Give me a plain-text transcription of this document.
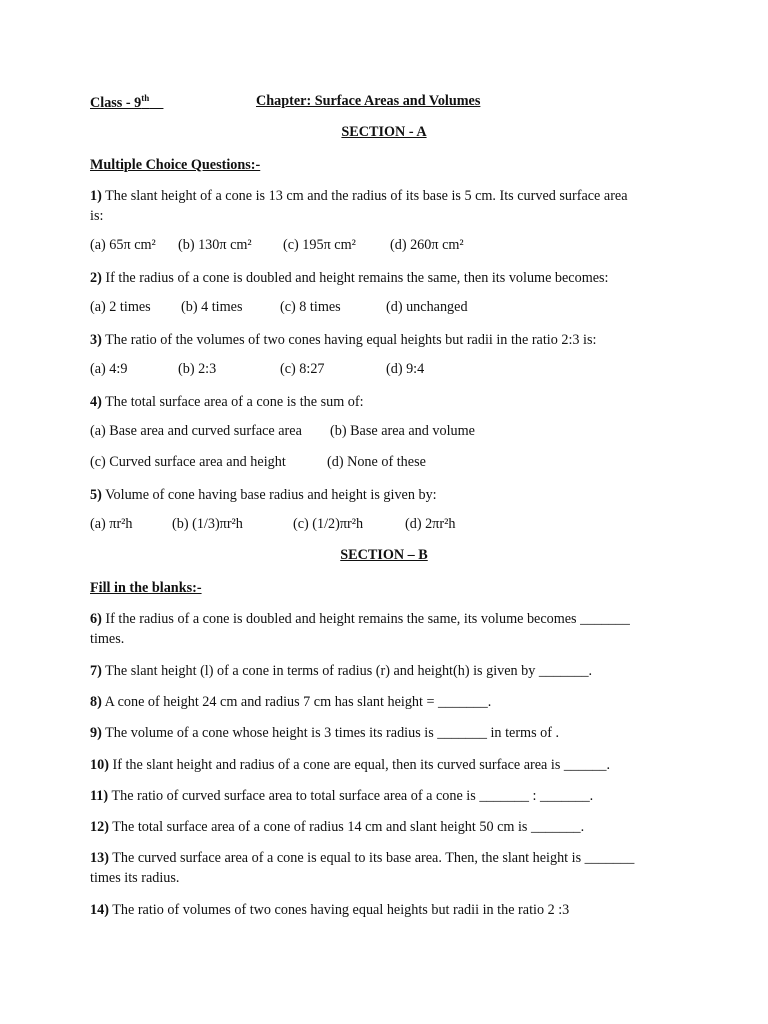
Class - 9th	Chapter: Surface Areas and Volumes
SECTION - A
Multiple Choice Questions:-
1) The slant height of a cone is 13 cm and the radius of its base is 5 cm. Its curved surface area
is:
(a) 65π cm² (b) 130π cm² (c) 195π cm² (d) 260π cm²
2) If the radius of a cone is doubled and height remains the same, then its volume becomes:
(a) 2 times (b) 4 times	(c) 8 times	(d) unchanged
3) The ratio of the volumes of two cones having equal heights but radii in the ratio 2:3 is:
(a) 4:9	(b) 2:3	(c) 8:27	(d) 9:4
4) The total surface area of a cone is the sum of:
(a) Base area and curved surface area (b) Base area and volume
(c) Curved surface area and height	(d) None of these
5) Volume of cone having base radius and height is given by:
(a) πr²h	(b) (1/3)πr²h	(c) (1/2)πr²h	(d) 2πr²h
SECTION – B
Fill in the blanks:-
6) If the radius of a cone is doubled and height remains the same, its volume becomes _______
times.
7) The slant height (l) of a cone in terms of radius (r) and height(h) is given by _______.
8) A cone of height 24 cm and radius 7 cm has slant height = _______.
9) The volume of a cone whose height is 3 times its radius is _______ in terms of .
10) If the slant height and radius of a cone are equal, then its curved surface area is ______.
11) The ratio of curved surface area to total surface area of a cone is _______ : _______.
12) The total surface area of a cone of radius 14 cm and slant height 50 cm is _______.
13) The curved surface area of a cone is equal to its base area. Then, the slant height is _______
times its radius.
14) The ratio of volumes of two cones having equal heights but radii in the ratio 2 :3
